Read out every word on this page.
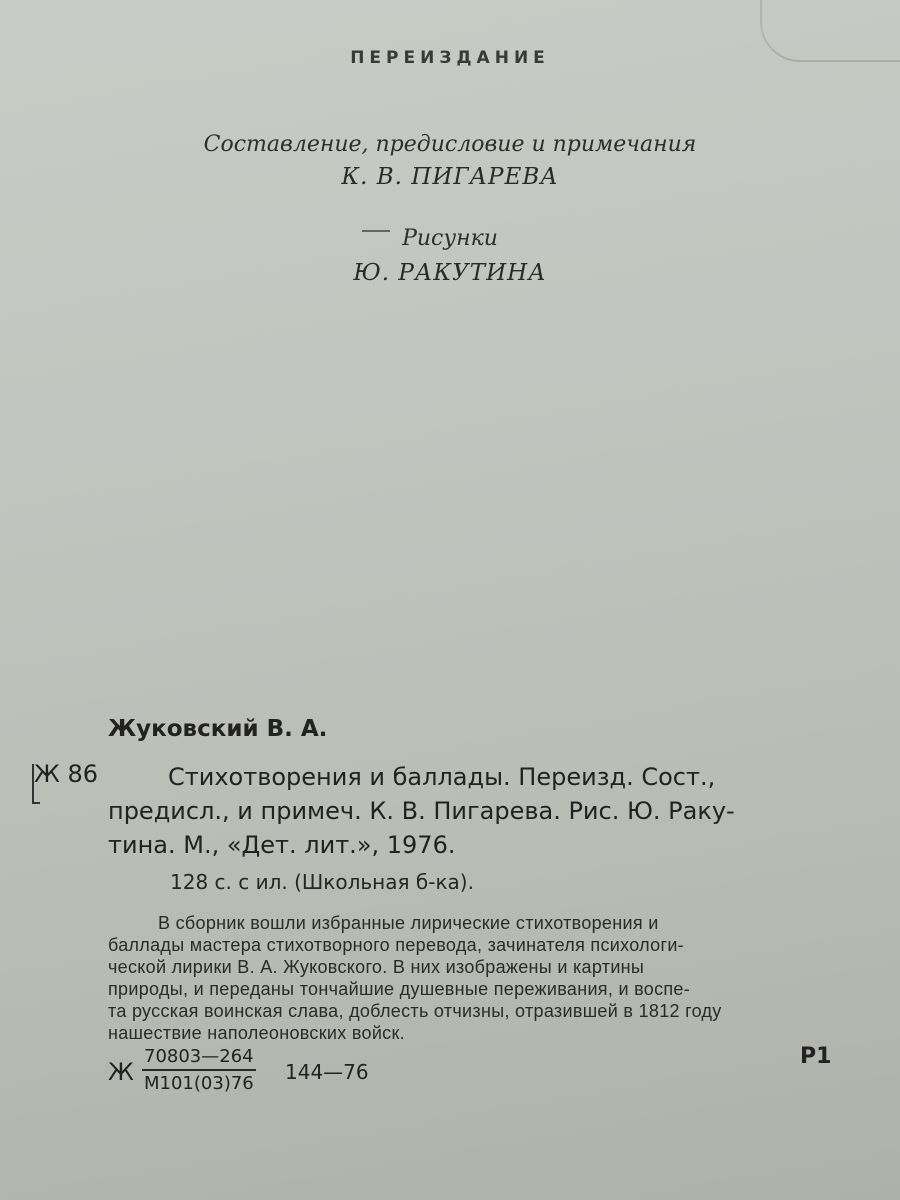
ПЕРЕИЗДАНИЕ
Составление, предисловие и примечания
К. В. ПИГАРЕВА
Рисунки
Ю. РАКУТИНА
Жуковский В. А.
Ж 86	Стихотворения и баллады. Переизд. Сост.,
предисл., и примеч. К. В. Пигарева. Рис. Ю. Раку-
тина. М., «Дет. лит.», 1976.
128 с. с ил. (Школьная б-ка).
В сборник вошли избранные лирические стихотворения и
баллады мастера стихотворного перевода, зачинателя психологи-
ческой лирики В. А. Жуковского. В них изображены и картины
природы, и переданы тончайшие душевные переживания, и воспе-
та русская воинская слава, доблесть отчизны, отразившей в 1812 году
нашествие наполеоновских войск.
Ж
70803—264
М101(03)76 144—76
Р1
